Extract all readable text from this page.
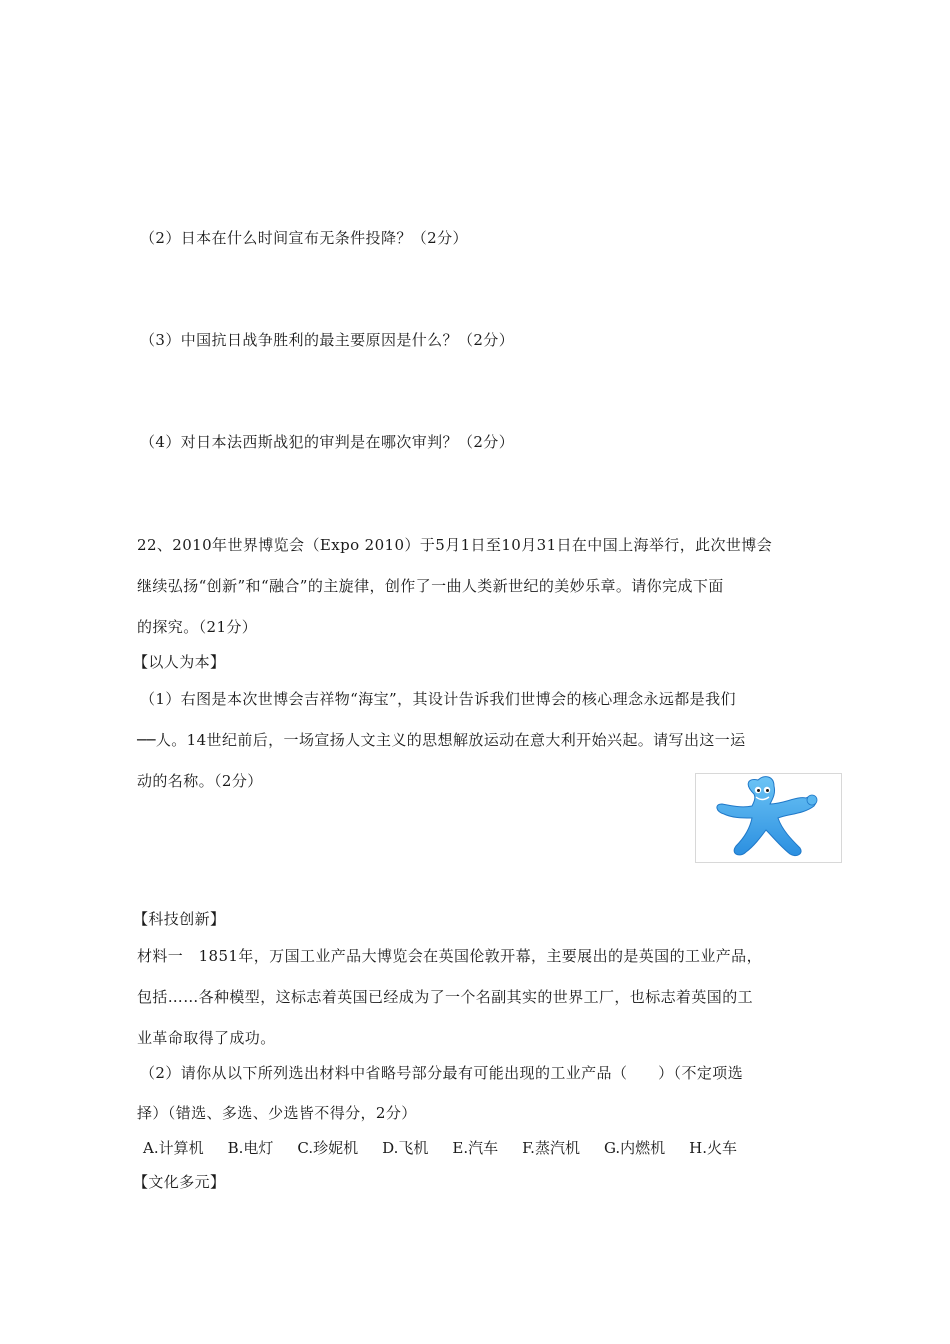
（2）日本在什么时间宣布无条件投降？（2分）
（3）中国抗日战争胜利的最主要原因是什么？（2分）
（4）对日本法西斯战犯的审判是在哪次审判？（2分）
22、2010年世界博览会（Expo 2010）于5月1日至10月31日在中国上海举行，此次世博会
继续弘扬“创新”和“融合”的主旋律，创作了一曲人类新世纪的美妙乐章。请你完成下面
的探究。（21分）
【以人为本】
（1）右图是本次世博会吉祥物“海宝”，其设计告诉我们世博会的核心理念永远都是我们
──人。14世纪前后，一场宣扬人文主义的思想解放运动在意大利开始兴起。请写出这一运
动的名称。（2分）
【科技创新】
材料一　1851年，万国工业产品大博览会在英国伦敦开幕，主要展出的是英国的工业产品，
包括……各种模型，这标志着英国已经成为了一个名副其实的世界工厂，也标志着英国的工
业革命取得了成功。
（2）请你从以下所列选出材料中省略号部分最有可能出现的工业产品（　　）（不定项选
择）（错选、多选、少选皆不得分，2分）
A.计算机 B.电灯 C.珍妮机 D.飞机 E.汽车 F.蒸汽机 G.内燃机 H.火车
【文化多元】
